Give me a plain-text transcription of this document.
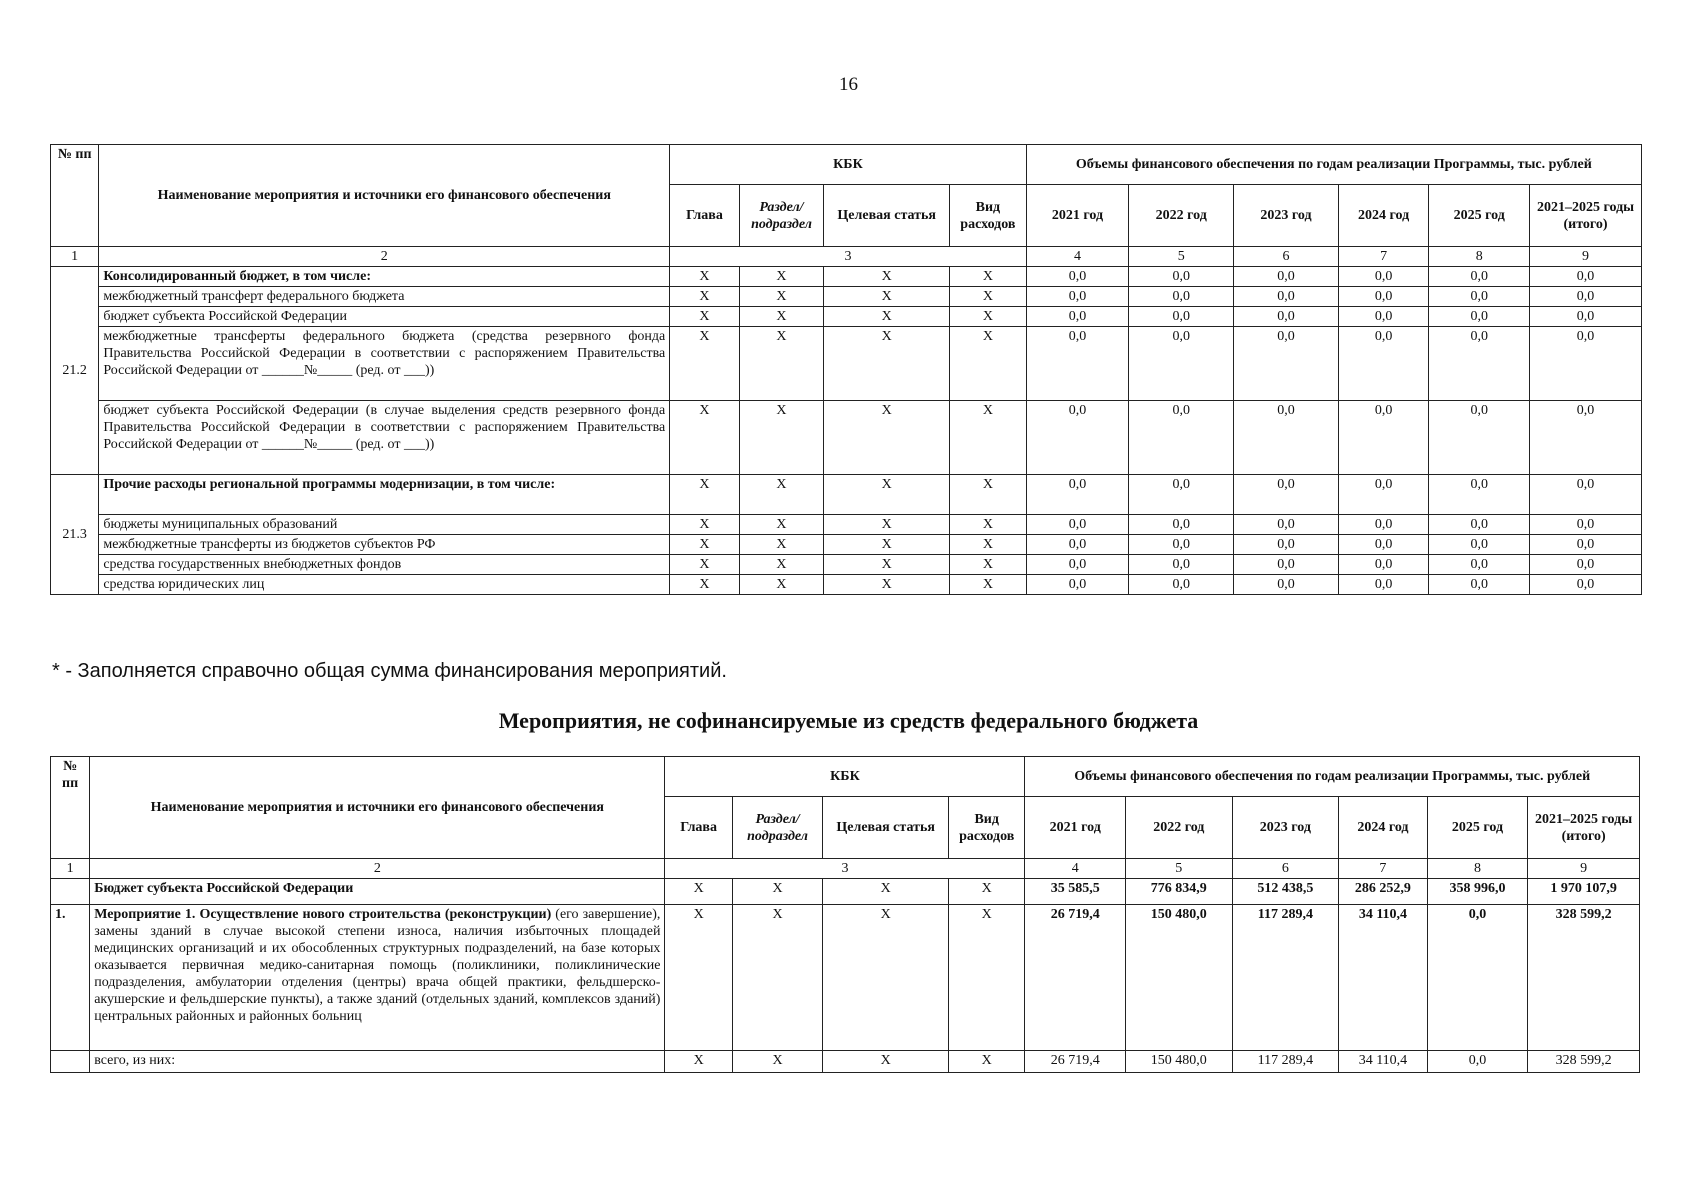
16
№ пп	Наименование мероприятия и источники его финансового обеспечения	КБК				Объемы финансового обеспечения по годам реализации Программы, тыс. рублей					
		Глава	Раздел/ подраздел	Целевая статья	Вид расходов	2021 год	2022 год	2023 год	2024 год	2025 год	2021–2025 годы (итого)
1	2	3				4	5	6	7	8	9
21.2	Консолидированный бюджет, в том числе:	X	X	X	X	0,0	0,0	0,0	0,0	0,0	0,0
	межбюджетный трансферт федерального бюджета	X	X	X	X	0,0	0,0	0,0	0,0	0,0	0,0
	бюджет субъекта Российской Федерации	X	X	X	X	0,0	0,0	0,0	0,0	0,0	0,0
	межбюджетные трансферты федерального бюджета (средства резервного фонда Правительства Российской Федерации в соответствии с распоряжением Правительства Российской Федерации от ______№_____ (ред. от ___))	X	X	X	X	0,0	0,0	0,0	0,0	0,0	0,0
	бюджет субъекта Российской Федерации (в случае выделения средств резервного фонда Правительства Российской Федерации в соответствии с распоряжением Правительства Российской Федерации от ______№_____ (ред. от ___))	X	X	X	X	0,0	0,0	0,0	0,0	0,0	0,0
21.3	Прочие расходы региональной программы модернизации, в том числе:	X	X	X	X	0,0	0,0	0,0	0,0	0,0	0,0
	бюджеты муниципальных образований	X	X	X	X	0,0	0,0	0,0	0,0	0,0	0,0
	межбюджетные трансферты из бюджетов субъектов РФ	X	X	X	X	0,0	0,0	0,0	0,0	0,0	0,0
	средства государственных внебюджетных фондов	X	X	X	X	0,0	0,0	0,0	0,0	0,0	0,0
	средства юридических лиц	X	X	X	X	0,0	0,0	0,0	0,0	0,0	0,0
* - Заполняется справочно общая сумма финансирования мероприятий.
Мероприятия, не софинансируемые из средств федерального бюджета
№ пп	Наименование мероприятия и источники его финансового обеспечения	КБК				Объемы финансового обеспечения по годам реализации Программы, тыс. рублей					
		Глава	Раздел/ подраздел	Целевая статья	Вид расходов	2021 год	2022 год	2023 год	2024 год	2025 год	2021–2025 годы (итого)
1	2	3				4	5	6	7	8	9
	Бюджет субъекта Российской Федерации	X	X	X	X	35 585,5	776 834,9	512 438,5	286 252,9	358 996,0	1 970 107,9
1.	Мероприятие 1. Осуществление нового строительства (реконструкции) (его завершение), замены зданий в случае высокой степени износа, наличия избыточных площадей медицинских организаций и их обособленных структурных подразделений, на базе которых оказывается первичная медико-санитарная помощь (поликлиники, поликлинические подразделения, амбулатории отделения (центры) врача общей практики, фельдшерско-акушерские и фельдшерские пункты), а также зданий (отдельных зданий, комплексов зданий) центральных районных и районных больниц	X	X	X	X	26 719,4	150 480,0	117 289,4	34 110,4	0,0	328 599,2
	всего, из них:	X	X	X	X	26 719,4	150 480,0	117 289,4	34 110,4	0,0	328 599,2
